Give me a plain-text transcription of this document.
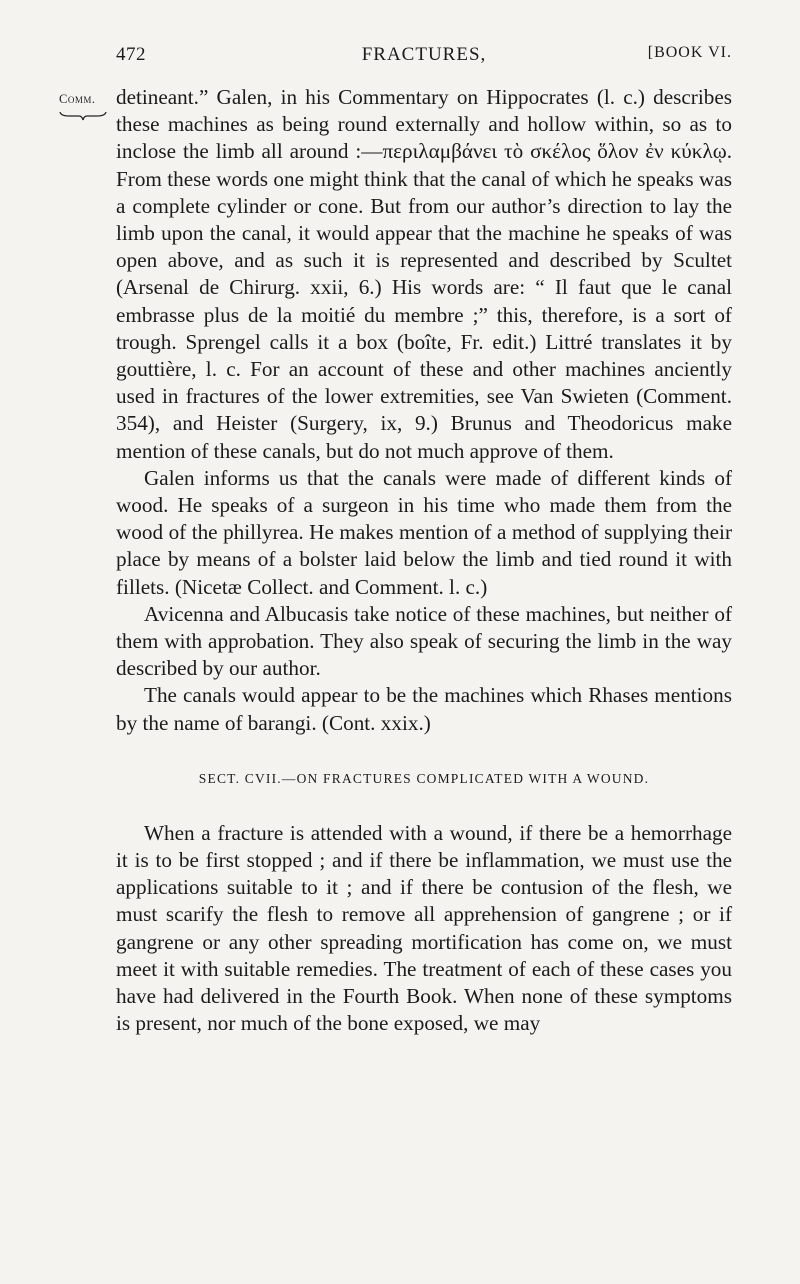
472	FRACTURES,	[BOOK VI.
Comm. detineant.” Galen, in his Commentary on Hippocrates (l. c.) describes these machines as being round externally and hollow within, so as to inclose the limb all around :—περιλαμβάνει τὸ σκέλος ὅλον ἐν κύκλῳ. From these words one might think that the canal of which he speaks was a complete cylinder or cone. But from our author’s direction to lay the limb upon the canal, it would appear that the machine he speaks of was open above, and as such it is represented and described by Scultet (Arsenal de Chirurg. xxii, 6.) His words are: “ Il faut que le canal embrasse plus de la moitié du membre ;” this, therefore, is a sort of trough. Sprengel calls it a box (boîte, Fr. edit.) Littré translates it by gouttière, l. c. For an account of these and other machines anciently used in fractures of the lower extremities, see Van Swieten (Comment. 354), and Heister (Surgery, ix, 9.) Brunus and Theodoricus make mention of these canals, but do not much approve of them.

Galen informs us that the canals were made of different kinds of wood. He speaks of a surgeon in his time who made them from the wood of the phillyrea. He makes mention of a method of supplying their place by means of a bolster laid below the limb and tied round it with fillets. (Nicetæ Collect. and Comment. l. c.)

Avicenna and Albucasis take notice of these machines, but neither of them with approbation. They also speak of securing the limb in the way described by our author.

The canals would appear to be the machines which Rhases mentions by the name of barangi. (Cont. xxix.)

SECT. CVII.—ON FRACTURES COMPLICATED WITH A WOUND.

When a fracture is attended with a wound, if there be a hemorrhage it is to be first stopped ; and if there be inflammation, we must use the applications suitable to it ; and if there be contusion of the flesh, we must scarify the flesh to remove all apprehension of gangrene ; or if gangrene or any other spreading mortification has come on, we must meet it with suitable remedies. The treatment of each of these cases you have had delivered in the Fourth Book. When none of these symptoms is present, nor much of the bone exposed, we may
